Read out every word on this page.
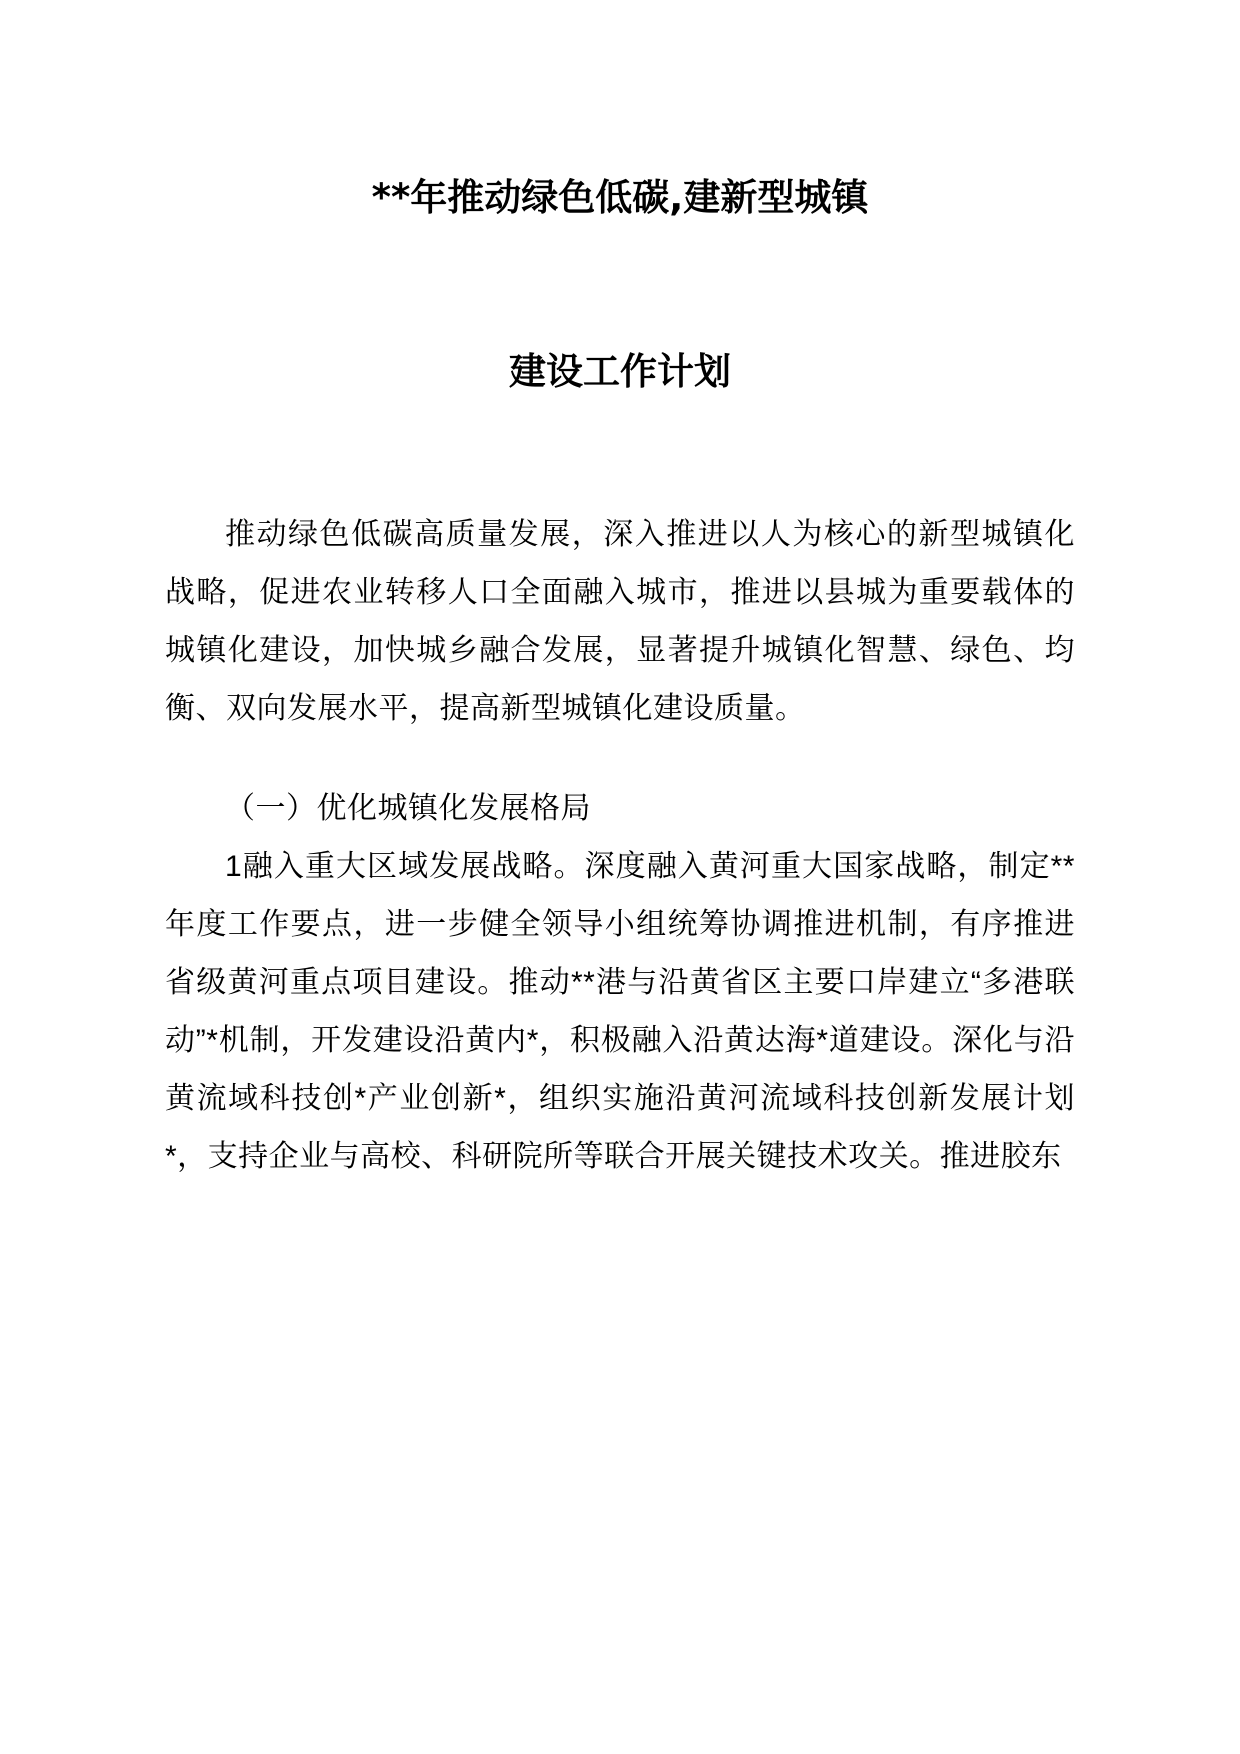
**年推动绿色低碳,建新型城镇
建设工作计划

推动绿色低碳高质量发展，深入推进以人为核心的新型城镇化战略，促进农业转移人口全面融入城市，推进以县城为重要载体的城镇化建设，加快城乡融合发展，显著提升城镇化智慧、绿色、均衡、双向发展水平，提高新型城镇化建设质量。

（一）优化城镇化发展格局

1融入重大区域发展战略。深度融入黄河重大国家战略，制定**年度工作要点，进一步健全领导小组统筹协调推进机制，有序推进省级黄河重点项目建设。推动**港与沿黄省区主要口岸建立“多港联动”*机制，开发建设沿黄内*，积极融入沿黄达海*道建设。深化与沿黄流域科技创*产业创新*，组织实施沿黄河流域科技创新发展计划*，支持企业与高校、科研院所等联合开展关键技术攻关。推进胶东
